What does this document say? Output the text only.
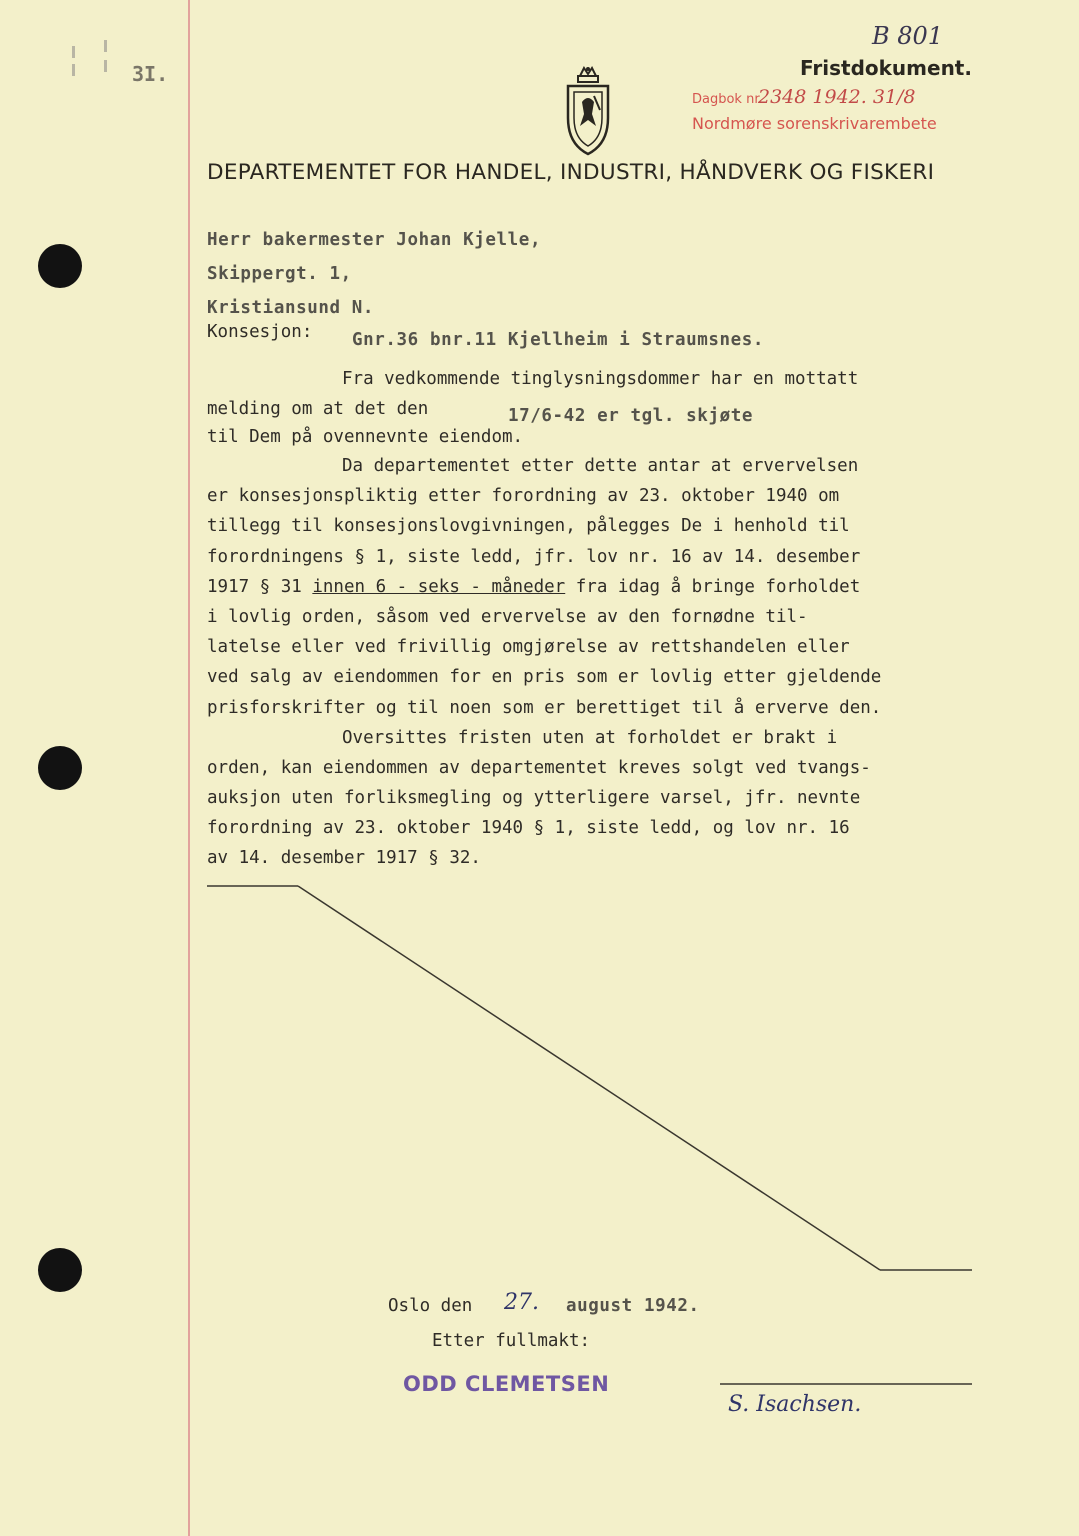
3I.
B 801
Fristdokument.
Dagbok nr.
2348 1942. 31/8
Nordmøre sorenskrivarembete
DEPARTEMENTET FOR HANDEL, INDUSTRI, HÅNDVERK OG FISKERI
Herr bakermester Johan Kjelle,
Skippergt. 1,
Kristiansund N.
Konsesjon: Gnr.36 bnr.11 Kjellheim i Straumsnes.
Fra vedkommende tinglysningsdommer har en mottatt
melding om at det den	17/6-42 er tgl. skjøte
til Dem på ovennevnte eiendom.
Da departementet etter dette antar at ervervelsen
er konsesjonspliktig etter forordning av 23. oktober 1940 om
tillegg til konsesjonslovgivningen, pålegges De i henhold til
forordningens § 1, siste ledd, jfr. lov nr. 16 av 14. desember
1917 § 31 innen 6 - seks - måneder fra idag å bringe forholdet
i lovlig orden, såsom ved ervervelse av den fornødne til-
latelse eller ved frivillig omgjørelse av rettshandelen eller
ved salg av eiendommen for en pris som er lovlig etter gjeldende
prisforskrifter og til noen som er berettiget til å erverve den.
Oversittes fristen uten at forholdet er brakt i
orden, kan eiendommen av departementet kreves solgt ved tvangs-
auksjon uten forliksmegling og ytterligere varsel, jfr. nevnte
forordning av 23. oktober 1940 § 1, siste ledd, og lov nr. 16
av 14. desember 1917 § 32.
Oslo den 27. august 1942.
Etter fullmakt:
ODD CLEMETSEN
S. Isachsen.
